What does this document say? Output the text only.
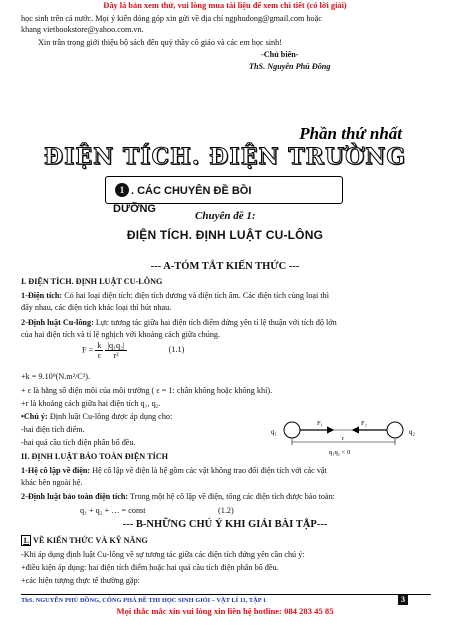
Đây là bản xem thử, vui lòng mua tài liệu để xem chi tiết (có lời giải)
học sinh trên cả nước. Mọi ý kiến đóng góp xin gửi về địa chỉ ngphudong@gmail.com hoặc
khang vietbookstore@yahoo.com.vn.
Xin trân trọng giới thiệu bộ sách đến quý thầy cô giáo và các em học sinh!
-Chủ biên-
ThS. Nguyễn Phú Đồng
Phần thứ nhất
ĐIỆN TÍCH. ĐIỆN TRƯỜNG
1 . CÁC CHUYÊN ĐỀ BỒI
DƯỠNG
Chuyên đề 1:
ĐIỆN TÍCH. ĐỊNH LUẬT CU-LÔNG
--- A-TÓM TẮT KIẾN THỨC ---
I. ĐIỆN TÍCH. ĐỊNH LUẬT CU-LÔNG
1-Điện tích: Có hai loại điện tích: điện tích dương và điện tích âm. Các điện tích cùng loại thì
đẩy nhau, các điện tích khác loại thì hút nhau.
2-Định luật Cu-lông: Lực tương tác giữa hai điện tích điểm đứng yên tỉ lệ thuận với tích độ lớn
của hai điện tích và tỉ lệ nghịch với khoảng cách giữa chúng.
$F = \frac{k}{\varepsilon}$
$\frac{\text{|q₁q₂|}}{\text{r²}}$	(1.1)
+k = 9.10⁹(N.m²/C²).
+ ε là hằng số điện môi của môi trường ( ε = 1: chân không hoặc không khí).
+r là khoảng cách giữa hai điện tích q₁, q₂.
•Chú ý: Định luật Cu-lông được áp dụng cho:
-hai điện tích điểm.
-hai quả cầu tích điện phân bố đều.
q₁	q₂
F₁	F₂
r
q₁q₂ < 0
II. ĐỊNH LUẬT BẢO TOÀN ĐIỆN TÍCH
1-Hệ cô lập về điện: Hệ cô lập về điện là hệ gồm các vật không trao đổi điện tích với các vật
khác bên ngoài hệ.
2-Định luật bảo toàn điện tích: Trong một hệ cô lập về điện, tổng các điện tích được bảo toàn:
q₁ + q₂ + … = const	(1.2)
--- B-NHỮNG CHÚ Ý KHI GIẢI BÀI TẬP---
1. VỀ KIẾN THỨC VÀ KỸ NĂNG
-Khi áp dụng định luật Cu-lông về sự tương tác giữa các điện tích đứng yên cần chú ý:
+điều kiện áp dụng: hai điện tích điểm hoặc hai quả cầu tích điện phân bố đều.
+các hiện tượng thực tế thường gặp:
ThS. NGUYỄN PHÚ ĐỒNG, CÔNG PHÁ ĐỀ THI HỌC SINH GIỎI – VẬT LÍ 11, TẬP 1	3
Mọi thắc mắc xin vui lòng xin liên hệ hotline: 084 283 45 85
